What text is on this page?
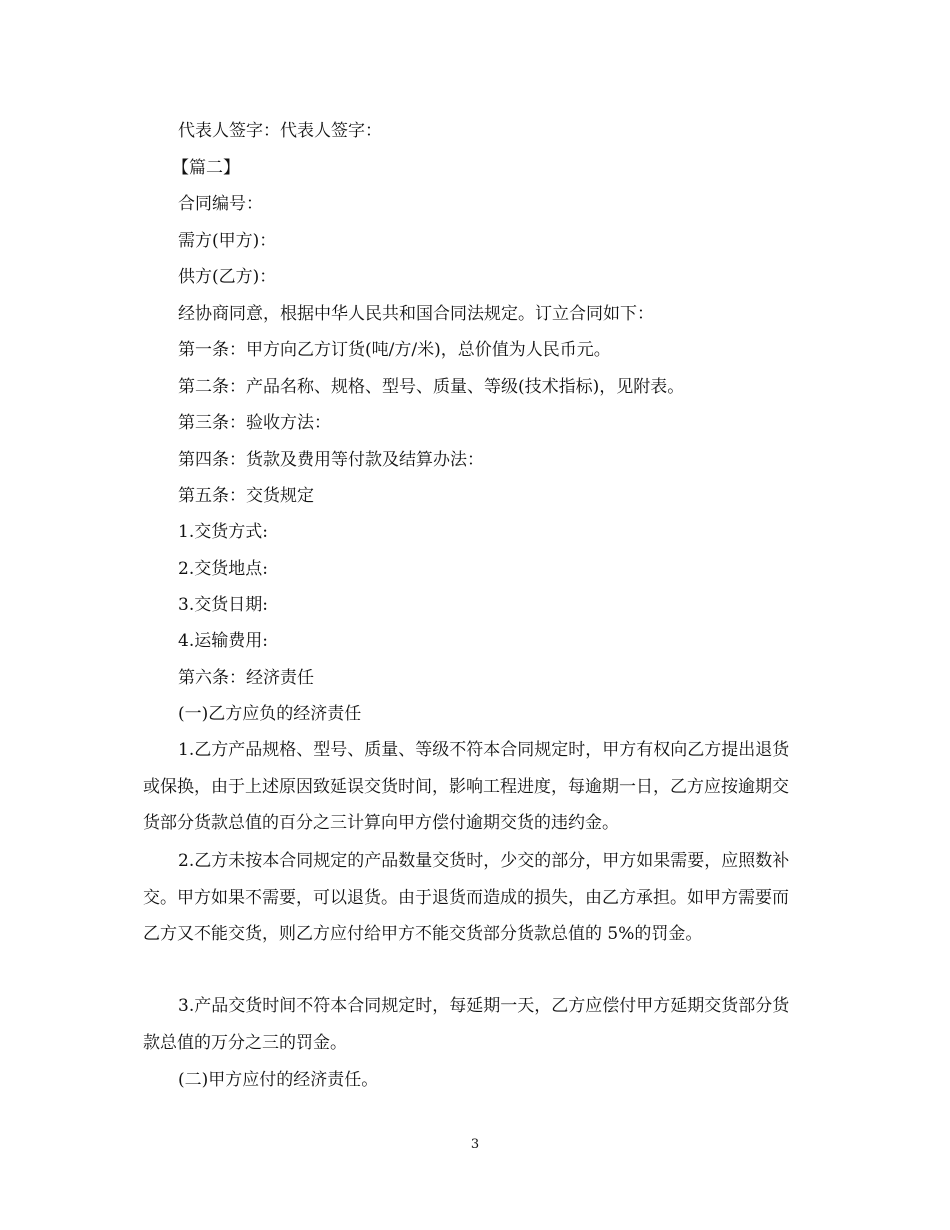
代表人签字：代表人签字：
【篇二】
合同编号：
需方(甲方)：
供方(乙方)：
经协商同意，根据中华人民共和国合同法规定。订立合同如下：
第一条：甲方向乙方订货(吨/方/米)，总价值为人民币元。
第二条：产品名称、规格、型号、质量、等级(技术指标)，见附表。
第三条：验收方法：
第四条：货款及费用等付款及结算办法：
第五条：交货规定
1.交货方式:
2.交货地点:
3.交货日期:
4.运输费用:
第六条：经济责任
(一)乙方应负的经济责任

1.乙方产品规格、型号、质量、等级不符本合同规定时，甲方有权向乙方提出退货或保换，由于上述原因致延误交货时间，影响工程进度，每逾期一日，乙方应按逾期交货部分货款总值的百分之三计算向甲方偿付逾期交货的违约金。

2.乙方未按本合同规定的产品数量交货时，少交的部分，甲方如果需要，应照数补交。甲方如果不需要，可以退货。由于退货而造成的损失，由乙方承担。如甲方需要而乙方又不能交货，则乙方应付给甲方不能交货部分货款总值的 5%的罚金。

3.产品交货时间不符本合同规定时，每延期一天，乙方应偿付甲方延期交货部分货款总值的万分之三的罚金。

(二)甲方应付的经济责任。
3
